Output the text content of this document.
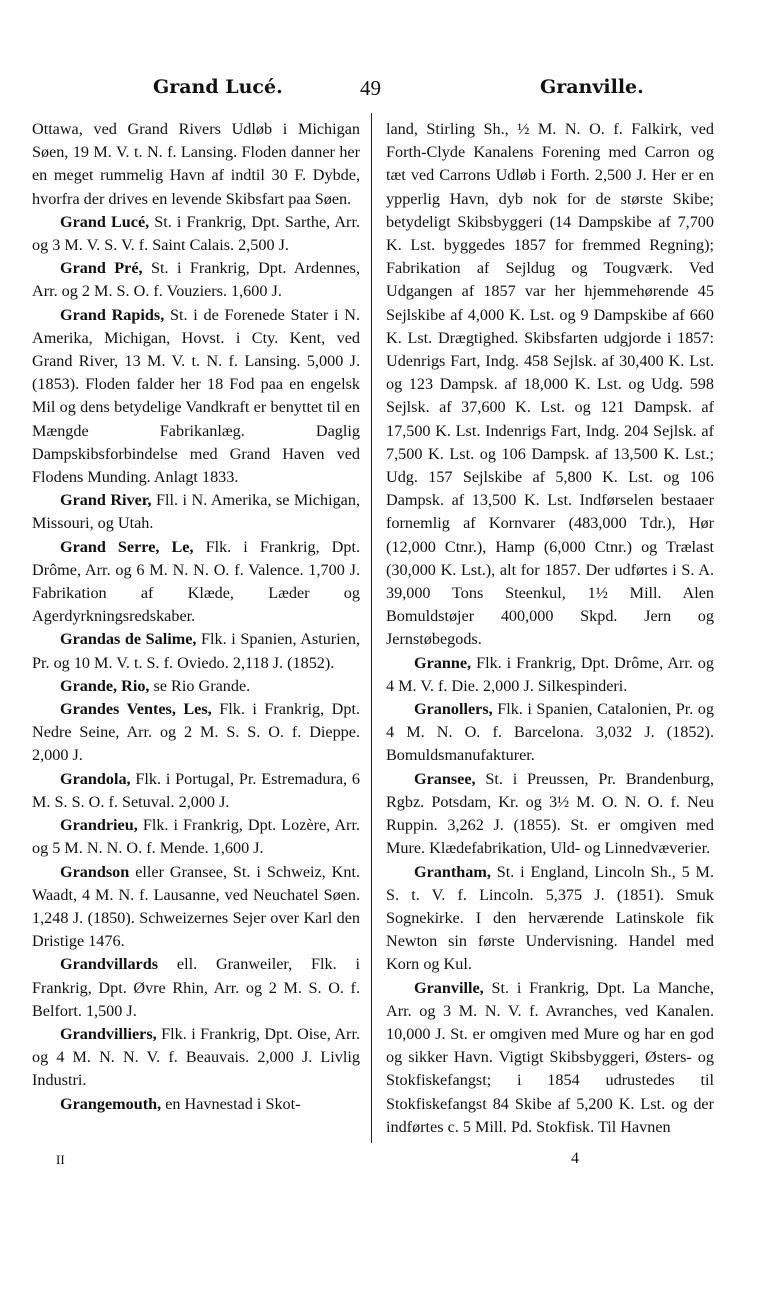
Grand Lucé.	49	Granville.

Ottawa, ved Grand Rivers Udløb i Michigan Søen, 19 M. V. t. N. f. Lansing. Floden danner her en meget rummelig Havn af indtil 30 F. Dybde, hvorfra der drives en levende Skibsfart paa Søen.

Grand Lucé, St. i Frankrig, Dpt. Sarthe, Arr. og 3 M. V. S. V. f. Saint Calais. 2,500 J.

Grand Pré, St. i Frankrig, Dpt. Ardennes, Arr. og 2 M. S. O. f. Vouziers. 1,600 J.

Grand Rapids, St. i de Forenede Stater i N. Amerika, Michigan, Hovst. i Cty. Kent, ved Grand River, 13 M. V. t. N. f. Lansing. 5,000 J. (1853). Floden falder her 18 Fod paa en engelsk Mil og dens betydelige Vandkraft er benyttet til en Mængde Fabrikanlæg. Daglig Dampskibsforbindelse med Grand Haven ved Flodens Munding. Anlagt 1833.

Grand River, Fll. i N. Amerika, se Michigan, Missouri, og Utah.

Grand Serre, Le, Flk. i Frankrig, Dpt. Drôme, Arr. og 6 M. N. N. O. f. Valence. 1,700 J. Fabrikation af Klæde, Læder og Agerdyrkningsredskaber.

Grandas de Salime, Flk. i Spanien, Asturien, Pr. og 10 M. V. t. S. f. Oviedo. 2,118 J. (1852).

Grande, Rio, se Rio Grande.

Grandes Ventes, Les, Flk. i Frankrig, Dpt. Nedre Seine, Arr. og 2 M. S. S. O. f. Dieppe. 2,000 J.

Grandola, Flk. i Portugal, Pr. Estremadura, 6 M. S. S. O. f. Setuval. 2,000 J.

Grandrieu, Flk. i Frankrig, Dpt. Lozère, Arr. og 5 M. N. N. O. f. Mende. 1,600 J.

Grandson eller Gransee, St. i Schweiz, Knt. Waadt, 4 M. N. f. Lausanne, ved Neuchatel Søen. 1,248 J. (1850). Schweizernes Sejer over Karl den Dristige 1476.

Grandvillards ell. Granweiler, Flk. i Frankrig, Dpt. Øvre Rhin, Arr. og 2 M. S. O. f. Belfort. 1,500 J.

Grandvilliers, Flk. i Frankrig, Dpt. Oise, Arr. og 4 M. N. N. V. f. Beauvais. 2,000 J. Livlig Industri.

Grangemouth, en Havnestad i Skot-

land, Stirling Sh., ½ M. N. O. f. Falkirk, ved Forth-Clyde Kanalens Forening med Carron og tæt ved Carrons Udløb i Forth. 2,500 J. Her er en ypperlig Havn, dyb nok for de største Skibe; betydeligt Skibsbyggeri (14 Dampskibe af 7,700 K. Lst. byggedes 1857 for fremmed Regning); Fabrikation af Sejldug og Tougværk. Ved Udgangen af 1857 var her hjemmehørende 45 Sejlskibe af 4,000 K. Lst. og 9 Dampskibe af 660 K. Lst. Drægtighed. Skibsfarten udgjorde i 1857: Udenrigs Fart, Indg. 458 Sejlsk. af 30,400 K. Lst. og 123 Dampsk. af 18,000 K. Lst. og Udg. 598 Sejlsk. af 37,600 K. Lst. og 121 Dampsk. af 17,500 K. Lst. Indenrigs Fart, Indg. 204 Sejlsk. af 7,500 K. Lst. og 106 Dampsk. af 13,500 K. Lst.; Udg. 157 Sejlskibe af 5,800 K. Lst. og 106 Dampsk. af 13,500 K. Lst. Indførselen bestaaer fornemlig af Kornvarer (483,000 Tdr.), Hør (12,000 Ctnr.), Hamp (6,000 Ctnr.) og Trælast (30,000 K. Lst.), alt for 1857. Der udførtes i S. A. 39,000 Tons Steenkul, 1½ Mill. Alen Bomuldstøjer 400,000 Skpd. Jern og Jernstøbegods.

Granne, Flk. i Frankrig, Dpt. Drôme, Arr. og 4 M. V. f. Die. 2,000 J. Silkespinderi.

Granollers, Flk. i Spanien, Catalonien, Pr. og 4 M. N. O. f. Barcelona. 3,032 J. (1852). Bomuldsmanufakturer.

Gransee, St. i Preussen, Pr. Brandenburg, Rgbz. Potsdam, Kr. og 3½ M. O. N. O. f. Neu Ruppin. 3,262 J. (1855). St. er omgiven med Mure. Klædefabrikation, Uld- og Linnedvæverier.

Grantham, St. i England, Lincoln Sh., 5 M. S. t. V. f. Lincoln. 5,375 J. (1851). Smuk Sognekirke. I den herværende Latinskole fik Newton sin første Undervisning. Handel med Korn og Kul.

Granville, St. i Frankrig, Dpt. La Manche, Arr. og 3 M. N. V. f. Avranches, ved Kanalen. 10,000 J. St. er omgiven med Mure og har en god og sikker Havn. Vigtigt Skibsbyggeri, Østers- og Stokfiskefangst; i 1854 udrustedes til Stokfiskefangst 84 Skibe af 5,200 K. Lst. og der indførtes c. 5 Mill. Pd. Stokfisk. Til Havnen

II	4
